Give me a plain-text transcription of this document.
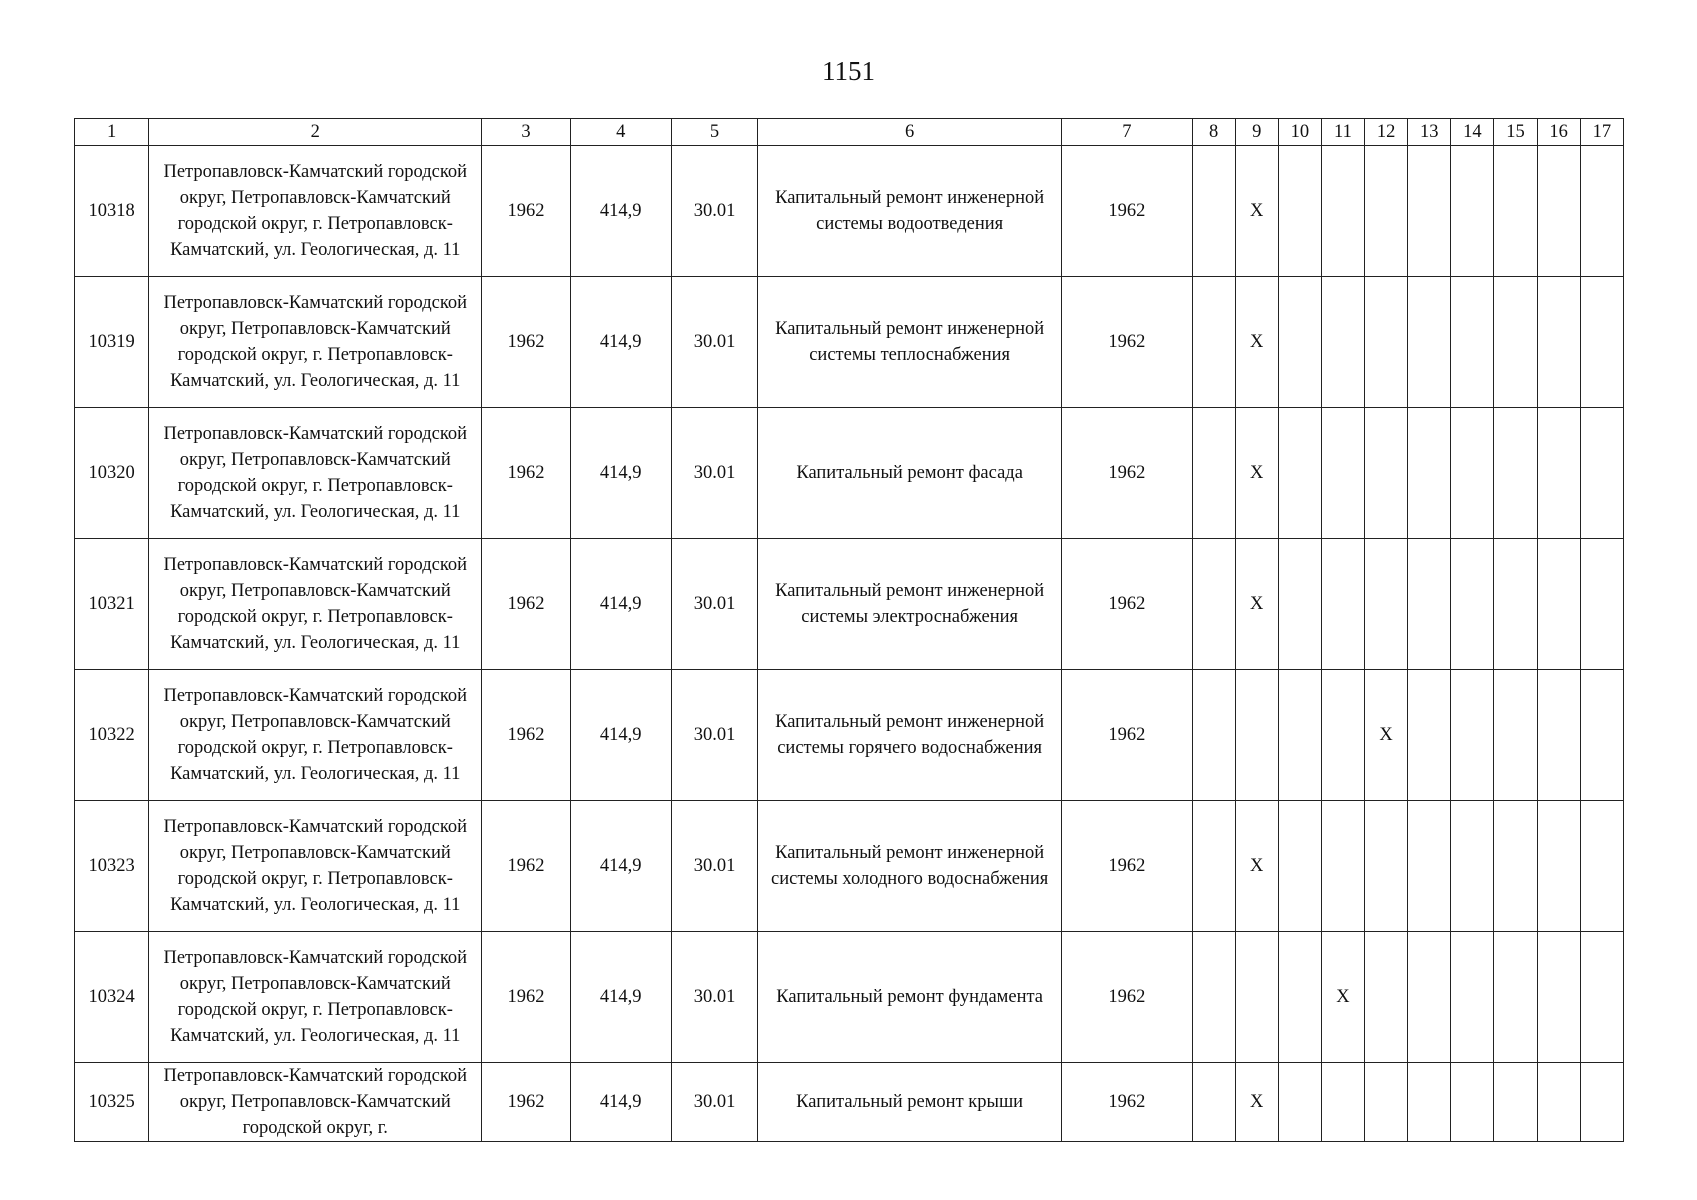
1151
1	2	3	4	5	6	7	8	9	10	11	12	13	14	15	16	17
10318	Петропавловск-Камчатский городской округ, Петропавловск-Камчатский городской округ, г. Петропавловск-Камчатский, ул. Геологическая, д. 11	1962	414,9	30.01	Капитальный ремонт инженерной системы водоотведения	1962		X								
10319	Петропавловск-Камчатский городской округ, Петропавловск-Камчатский городской округ, г. Петропавловск-Камчатский, ул. Геологическая, д. 11	1962	414,9	30.01	Капитальный ремонт инженерной системы теплоснабжения	1962		X								
10320	Петропавловск-Камчатский городской округ, Петропавловск-Камчатский городской округ, г. Петропавловск-Камчатский, ул. Геологическая, д. 11	1962	414,9	30.01	Капитальный ремонт фасада	1962		X								
10321	Петропавловск-Камчатский городской округ, Петропавловск-Камчатский городской округ, г. Петропавловск-Камчатский, ул. Геологическая, д. 11	1962	414,9	30.01	Капитальный ремонт инженерной системы электроснабжения	1962		X								
10322	Петропавловск-Камчатский городской округ, Петропавловск-Камчатский городской округ, г. Петропавловск-Камчатский, ул. Геологическая, д. 11	1962	414,9	30.01	Капитальный ремонт инженерной системы горячего водоснабжения	1962					X					
10323	Петропавловск-Камчатский городской округ, Петропавловск-Камчатский городской округ, г. Петропавловск-Камчатский, ул. Геологическая, д. 11	1962	414,9	30.01	Капитальный ремонт инженерной системы холодного водоснабжения	1962		X								
10324	Петропавловск-Камчатский городской округ, Петропавловск-Камчатский городской округ, г. Петропавловск-Камчатский, ул. Геологическая, д. 11	1962	414,9	30.01	Капитальный ремонт фундамента	1962				X						
10325	Петропавловск-Камчатский городской округ, Петропавловск-Камчатский городской округ, г.	1962	414,9	30.01	Капитальный ремонт крыши	1962		X								
